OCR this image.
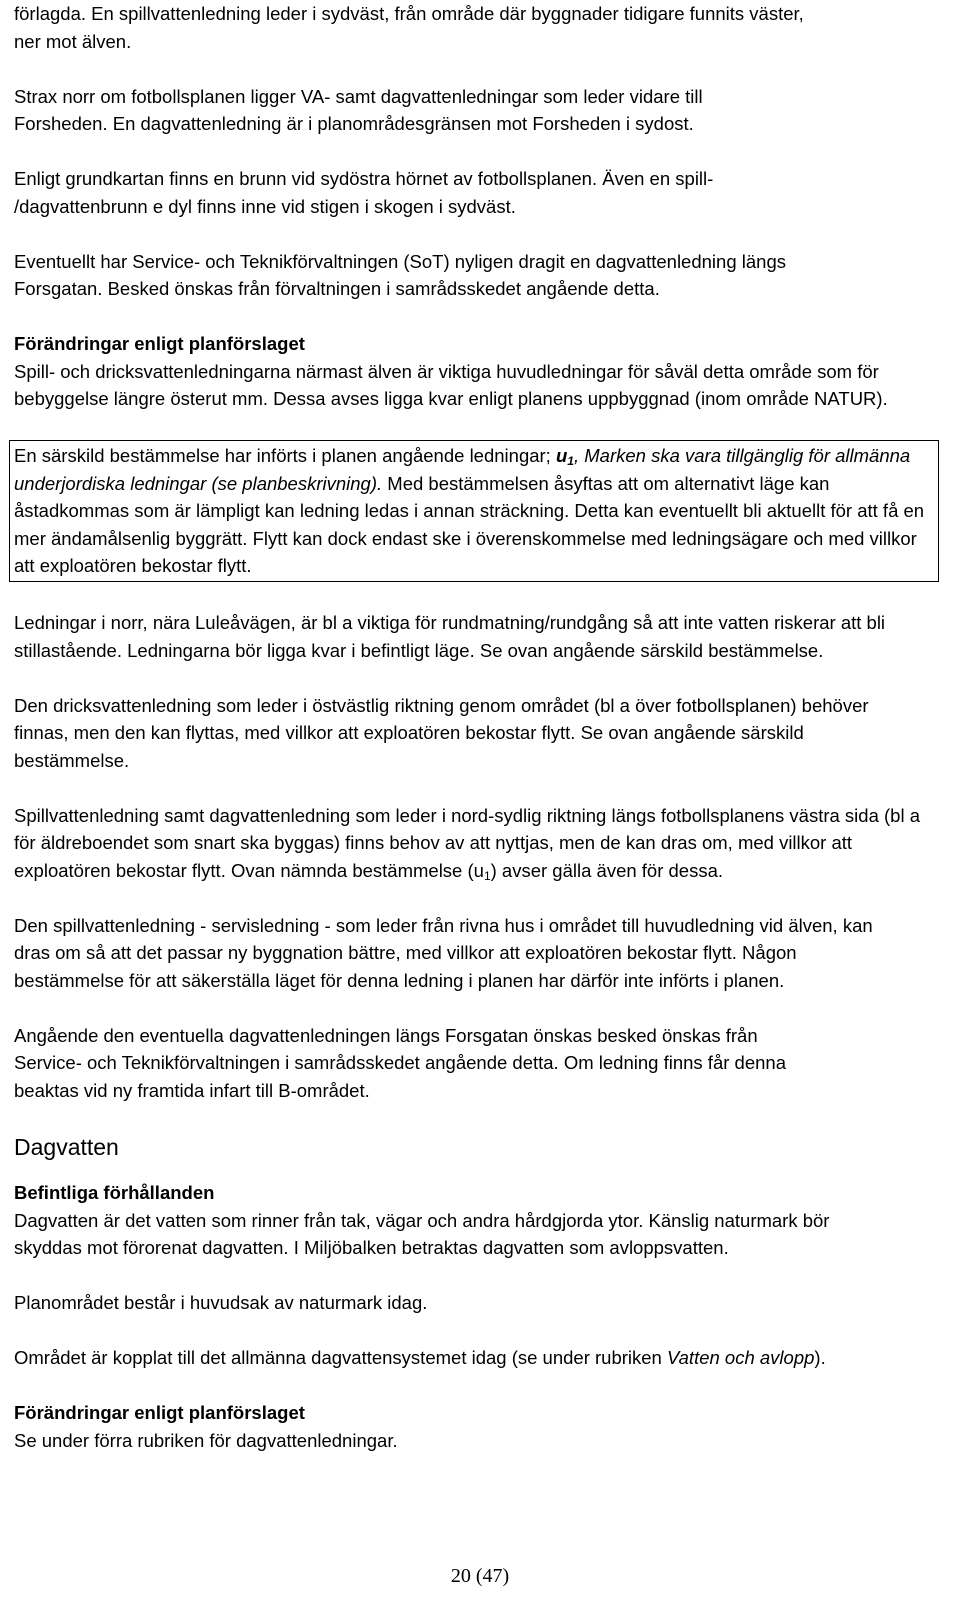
förlagda. En spillvattenledning leder i sydväst, från område där byggnader tidigare funnits väster, ner mot älven.

Strax norr om fotbollsplanen ligger VA- samt dagvattenledningar som leder vidare till Forsheden. En dagvattenledning är i planområdesgränsen mot Forsheden i sydost.

Enligt grundkartan finns en brunn vid sydöstra hörnet av fotbollsplanen. Även en spill- /dagvattenbrunn e dyl finns inne vid stigen i skogen i sydväst.

Eventuellt har Service- och Teknikförvaltningen (SoT) nyligen dragit en dagvattenledning längs Forsgatan. Besked önskas från förvaltningen i samrådsskedet angående detta.

Förändringar enligt planförslaget

Spill- och dricksvattenledningarna närmast älven är viktiga huvudledningar för såväl detta område som för bebyggelse längre österut mm. Dessa avses ligga kvar enligt planens uppbyggnad (inom område NATUR).

En särskild bestämmelse har införts i planen angående ledningar; $u_1$, Marken ska vara tillgänglig för allmänna underjordiska ledningar (se planbeskrivning). Med bestämmelsen åsyftas att om alternativt läge kan åstadkommas som är lämpligt kan ledning ledas i annan sträckning. Detta kan eventuellt bli aktuellt för att få en mer ändamålsenlig byggrätt. Flytt kan dock endast ske i överenskommelse med ledningsägare och med villkor att exploatören bekostar flytt.

Ledningar i norr, nära Luleåvägen, är bl a viktiga för rundmatning/rundgång så att inte vatten riskerar att bli stillastående. Ledningarna bör ligga kvar i befintligt läge. Se ovan angående särskild bestämmelse.

Den dricksvattenledning som leder i östvästlig riktning genom området (bl a över fotbollsplanen) behöver finnas, men den kan flyttas, med villkor att exploatören bekostar flytt. Se ovan angående särskild bestämmelse.

Spillvattenledning samt dagvattenledning som leder i nord-sydlig riktning längs fotbollsplanens västra sida (bl a för äldreboendet som snart ska byggas) finns behov av att nyttjas, men de kan dras om, med villkor att exploatören bekostar flytt. Ovan nämnda bestämmelse $(u_1)$ avser gälla även för dessa.

Den spillvattenledning - servisledning - som leder från rivna hus i området till huvudledning vid älven, kan dras om så att det passar ny byggnation bättre, med villkor att exploatören bekostar flytt. Någon bestämmelse för att säkerställa läget för denna ledning i planen har därför inte införts i planen.

Angående den eventuella dagvattenledningen längs Forsgatan önskas besked önskas från Service- och Teknikförvaltningen i samrådsskedet angående detta. Om ledning finns får denna beaktas vid ny framtida infart till B-området.

Dagvatten

Befintliga förhållanden

Dagvatten är det vatten som rinner från tak, vägar och andra hårdgjorda ytor. Känslig naturmark bör skyddas mot förorenat dagvatten. I Miljöbalken betraktas dagvatten som avloppsvatten.

Planområdet består i huvudsak av naturmark idag.

Området är kopplat till det allmänna dagvattensystemet idag (se under rubriken Vatten och avlopp).

Förändringar enligt planförslaget

Se under förra rubriken för dagvattenledningar.

20 (47)
